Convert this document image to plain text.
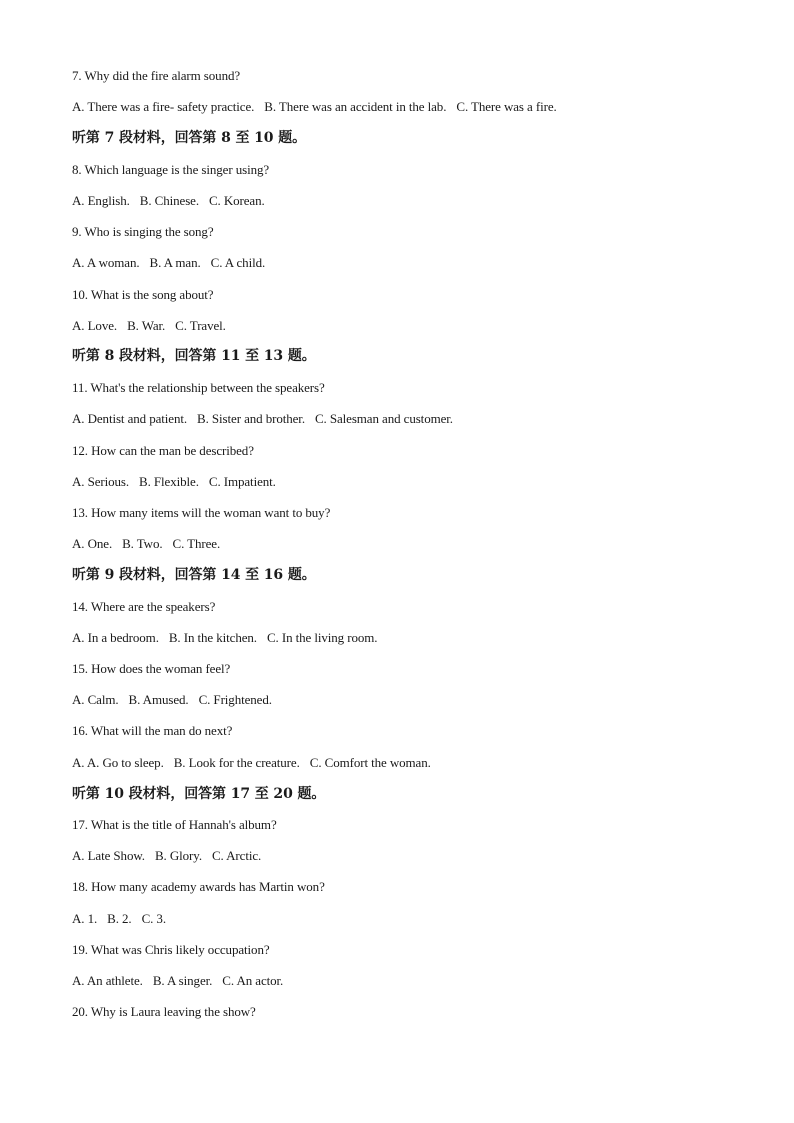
7. Why did the fire alarm sound?
A. There was a fire- safety practice. B. There was an accident in the lab. C. There was a fire.
听第 7 段材料，回答第 8 至 10 题。
8. Which language is the singer using?
A. English. B. Chinese. C. Korean.
9. Who is singing the song?
A. A woman. B. A man. C. A child.
10. What is the song about?
A. Love. B. War. C. Travel.
听第 8 段材料，回答第 11 至 13 题。
11. What's the relationship between the speakers?
A. Dentist and patient. B. Sister and brother. C. Salesman and customer.
12. How can the man be described?
A. Serious. B. Flexible. C. Impatient.
13. How many items will the woman want to buy?
A. One. B. Two. C. Three.
听第 9 段材料，回答第 14 至 16 题。
14. Where are the speakers?
A. In a bedroom. B. In the kitchen. C. In the living room.
15. How does the woman feel?
A. Calm. B. Amused. C. Frightened.
16. What will the man do next?
A. A. Go to sleep. B. Look for the creature. C. Comfort the woman.
听第 10 段材料，回答第 17 至 20 题。
17. What is the title of Hannah's album?
A. Late Show. B. Glory. C. Arctic.
18. How many academy awards has Martin won?
A. 1. B. 2. C. 3.
19. What was Chris likely occupation?
A. An athlete. B. A singer. C. An actor.
20. Why is Laura leaving the show?
